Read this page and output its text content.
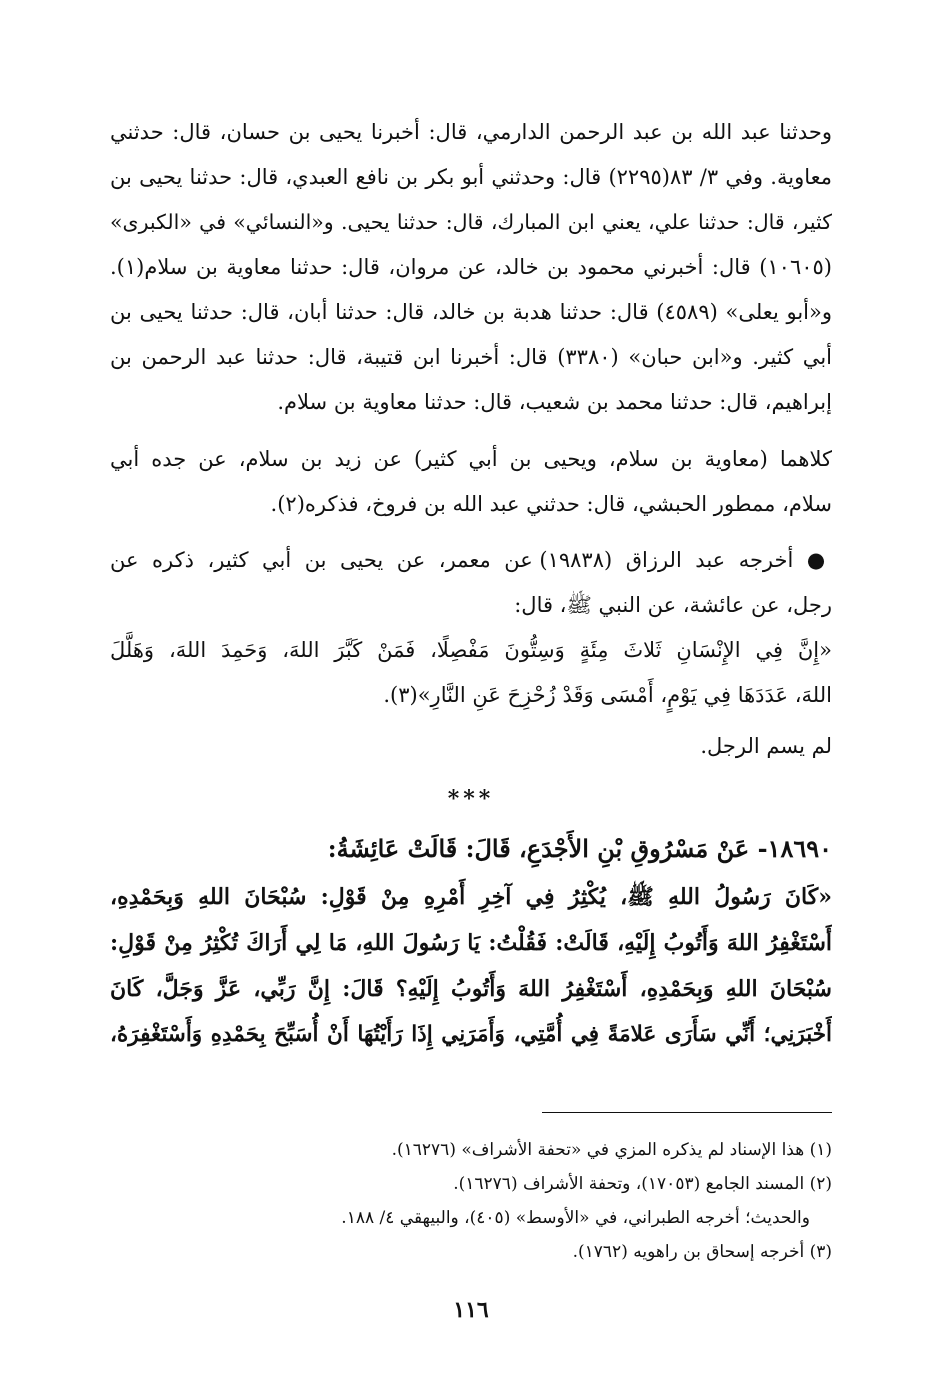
وحدثنا عبد الله بن عبد الرحمن الدارمي، قال: أخبرنا يحيى بن حسان، قال: حدثني
معاوية. وفي ٣/ ٨٣(٢٢٩٥) قال: وحدثني أبو بكر بن نافع العبدي، قال: حدثنا يحيى بن
كثير، قال: حدثنا علي، يعني ابن المبارك، قال: حدثنا يحيى. و«النسائي» في «الكبرى»
(١٠٦٠٥) قال: أخبرني محمود بن خالد، عن مروان، قال: حدثنا معاوية بن سلام(١).
و«أبو يعلى» (٤٥٨٩) قال: حدثنا هدبة بن خالد، قال: حدثنا أبان، قال: حدثنا يحيى بن
أبي كثير. و«ابن حبان» (٣٣٨٠) قال: أخبرنا ابن قتيبة، قال: حدثنا عبد الرحمن بن
إبراهيم، قال: حدثنا محمد بن شعيب، قال: حدثنا معاوية بن سلام.
كلاهما (معاوية بن سلام، ويحيى بن أبي كثير) عن زيد بن سلام، عن جده أبي
سلام، ممطور الحبشي، قال: حدثني عبد الله بن فروخ، فذكره(٢).
● أخرجه عبد الرزاق (١٩٨٣٨) عن معمر، عن يحيى بن أبي كثير، ذكره عن
رجل، عن عائشة، عن النبي ﷺ، قال:
«إِنَّ فِي الإِنْسَانِ ثَلاثَ مِئَةٍ وَسِتُّونَ مَفْصِلًا، فَمَنْ كَبَّرَ اللهَ، وَحَمِدَ اللهَ، وَهَلَّلَ
اللهَ، عَدَدَهَا فِي يَوْمٍ، أَمْسَى وَقَدْ زُحْزِحَ عَنِ النَّارِ»(٣).
لم يسم الرجل.
***
١٨٦٩٠- عَنْ مَسْرُوقِ بْنِ الأَجْدَعِ، قَالَ: قَالَتْ عَائِشَةُ:
«كَانَ رَسُولُ اللهِ ﷺ، يُكْثِرُ فِي آخِرِ أَمْرِهِ مِنْ قَوْلِ: سُبْحَانَ اللهِ وَبِحَمْدِهِ،
أَسْتَغْفِرُ اللهَ وَأَتُوبُ إِلَيْهِ، قَالَتْ: فَقُلْتُ: يَا رَسُولَ اللهِ، مَا لِي أَرَاكَ تُكْثِرُ مِنْ قَوْلِ:
سُبْحَانَ اللهِ وَبِحَمْدِهِ، أَسْتَغْفِرُ اللهَ وَأَتُوبُ إِلَيْهِ؟ قَالَ: إِنَّ رَبِّي، عَزَّ وَجَلَّ، كَانَ
أَخْبَرَنِي؛ أَنِّي سَأَرَى عَلامَةً فِي أُمَّتِي، وَأَمَرَنِي إِذَا رَأَيْتُهَا أَنْ أُسَبِّحَ بِحَمْدِهِ وَأَسْتَغْفِرَهُ،
(١) هذا الإسناد لم يذكره المزي في «تحفة الأشراف» (١٦٢٧٦).
(٢) المسند الجامع (١٧٠٥٣)، وتحفة الأشراف (١٦٢٧٦).
والحديث؛ أخرجه الطبراني، في «الأوسط» (٤٠٥)، والبيهقي ٤/ ١٨٨.
(٣) أخرجه إسحاق بن راهويه (١٧٦٢).
١١٦
